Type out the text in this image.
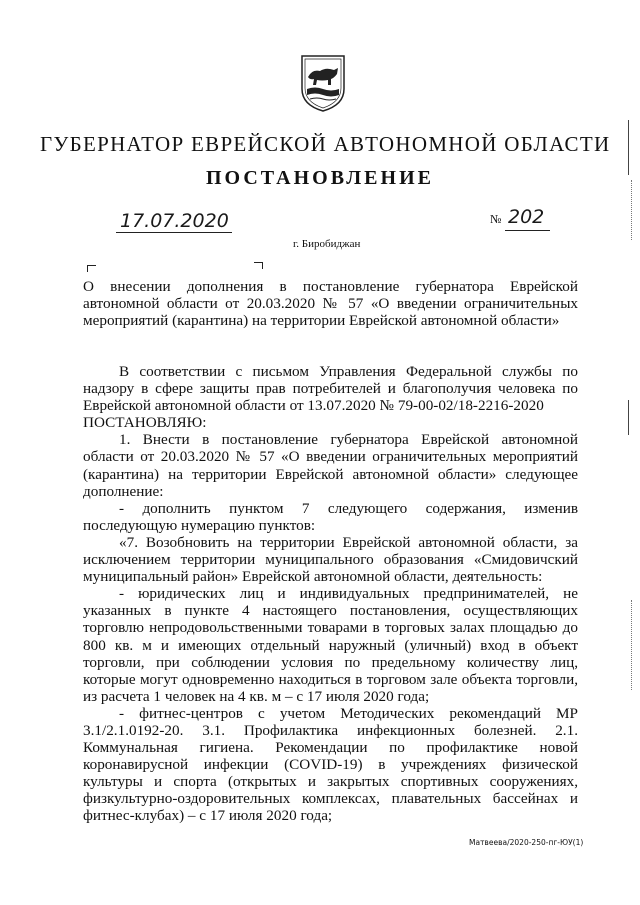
ГУБЕРНАТОР ЕВРЕЙСКОЙ АВТОНОМНОЙ ОБЛАСТИ
ПОСТАНОВЛЕНИЕ
17.07.2020	№ 202
г. Биробиджан

О внесении дополнения в постановление губернатора Еврейской автономной области от 20.03.2020 № 57 «О введении ограничительных мероприятий (карантина) на территории Еврейской автономной области»

В соответствии с письмом Управления Федеральной службы по надзору в сфере защиты прав потребителей и благополучия человека по Еврейской автономной области от 13.07.2020 № 79-00-02/18-2216-2020

ПОСТАНОВЛЯЮ:

1. Внести в постановление губернатора Еврейской автономной области от 20.03.2020 № 57 «О введении ограничительных мероприятий (карантина) на территории Еврейской автономной области» следующее дополнение:

- дополнить пунктом 7 следующего содержания, изменив последующую нумерацию пунктов:

«7. Возобновить на территории Еврейской автономной области, за исключением территории муниципального образования «Смидовичский муниципальный район» Еврейской автономной области, деятельность:

- юридических лиц и индивидуальных предпринимателей, не указанных в пункте 4 настоящего постановления, осуществляющих торговлю непродовольственными товарами в торговых залах площадью до 800 кв. м и имеющих отдельный наружный (уличный) вход в объект торговли, при соблюдении условия по предельному количеству лиц, которые могут одновременно находиться в торговом зале объекта торговли, из расчета 1 человек на 4 кв. м – с 17 июля 2020 года;

- фитнес-центров с учетом Методических рекомендаций МР 3.1/2.1.0192-20. 3.1. Профилактика инфекционных болезней. 2.1. Коммунальная гигиена. Рекомендации по профилактике новой коронавирусной инфекции (COVID-19) в учреждениях физической культуры и спорта (открытых и закрытых спортивных сооружениях, физкультурно-оздоровительных комплексах, плавательных бассейнах и фитнес-клубах) – с 17 июля 2020 года;

Матвеева/2020-250-пг-ЮУ(1)
